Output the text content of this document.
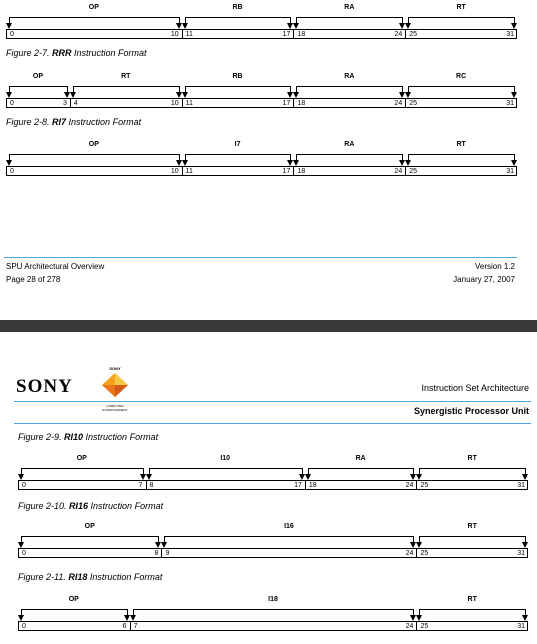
OP	RB	RA	RT
0	10 11	17 18	24 25	31
OP	RT	RB	RA	RC
0	3 4	10 11	17 18	24 25	31
OP	I7	RA	RT
0	10 11	17 18	24 25	31
Figure 2-7. RRR Instruction Format
Figure 2-8. RI7 Instruction Format
SPU Architectural Overview
Page 28 of 278
Version 1.2
January 27, 2007
SONY
SONY
COMPUTER ENTERTAINMENT
Instruction Set Architecture
Synergistic Processor Unit
Figure 2-9. RI10 Instruction Format
Figure 2-10. RI16 Instruction Format
Figure 2-11. RI18 Instruction Format
OP	I10	RA	RT
0	7 8	17 18	24 25	31
OP	I16	RT
0	8 9	24 25	31
OP	I18	RT
0	6 7	24 25	31
